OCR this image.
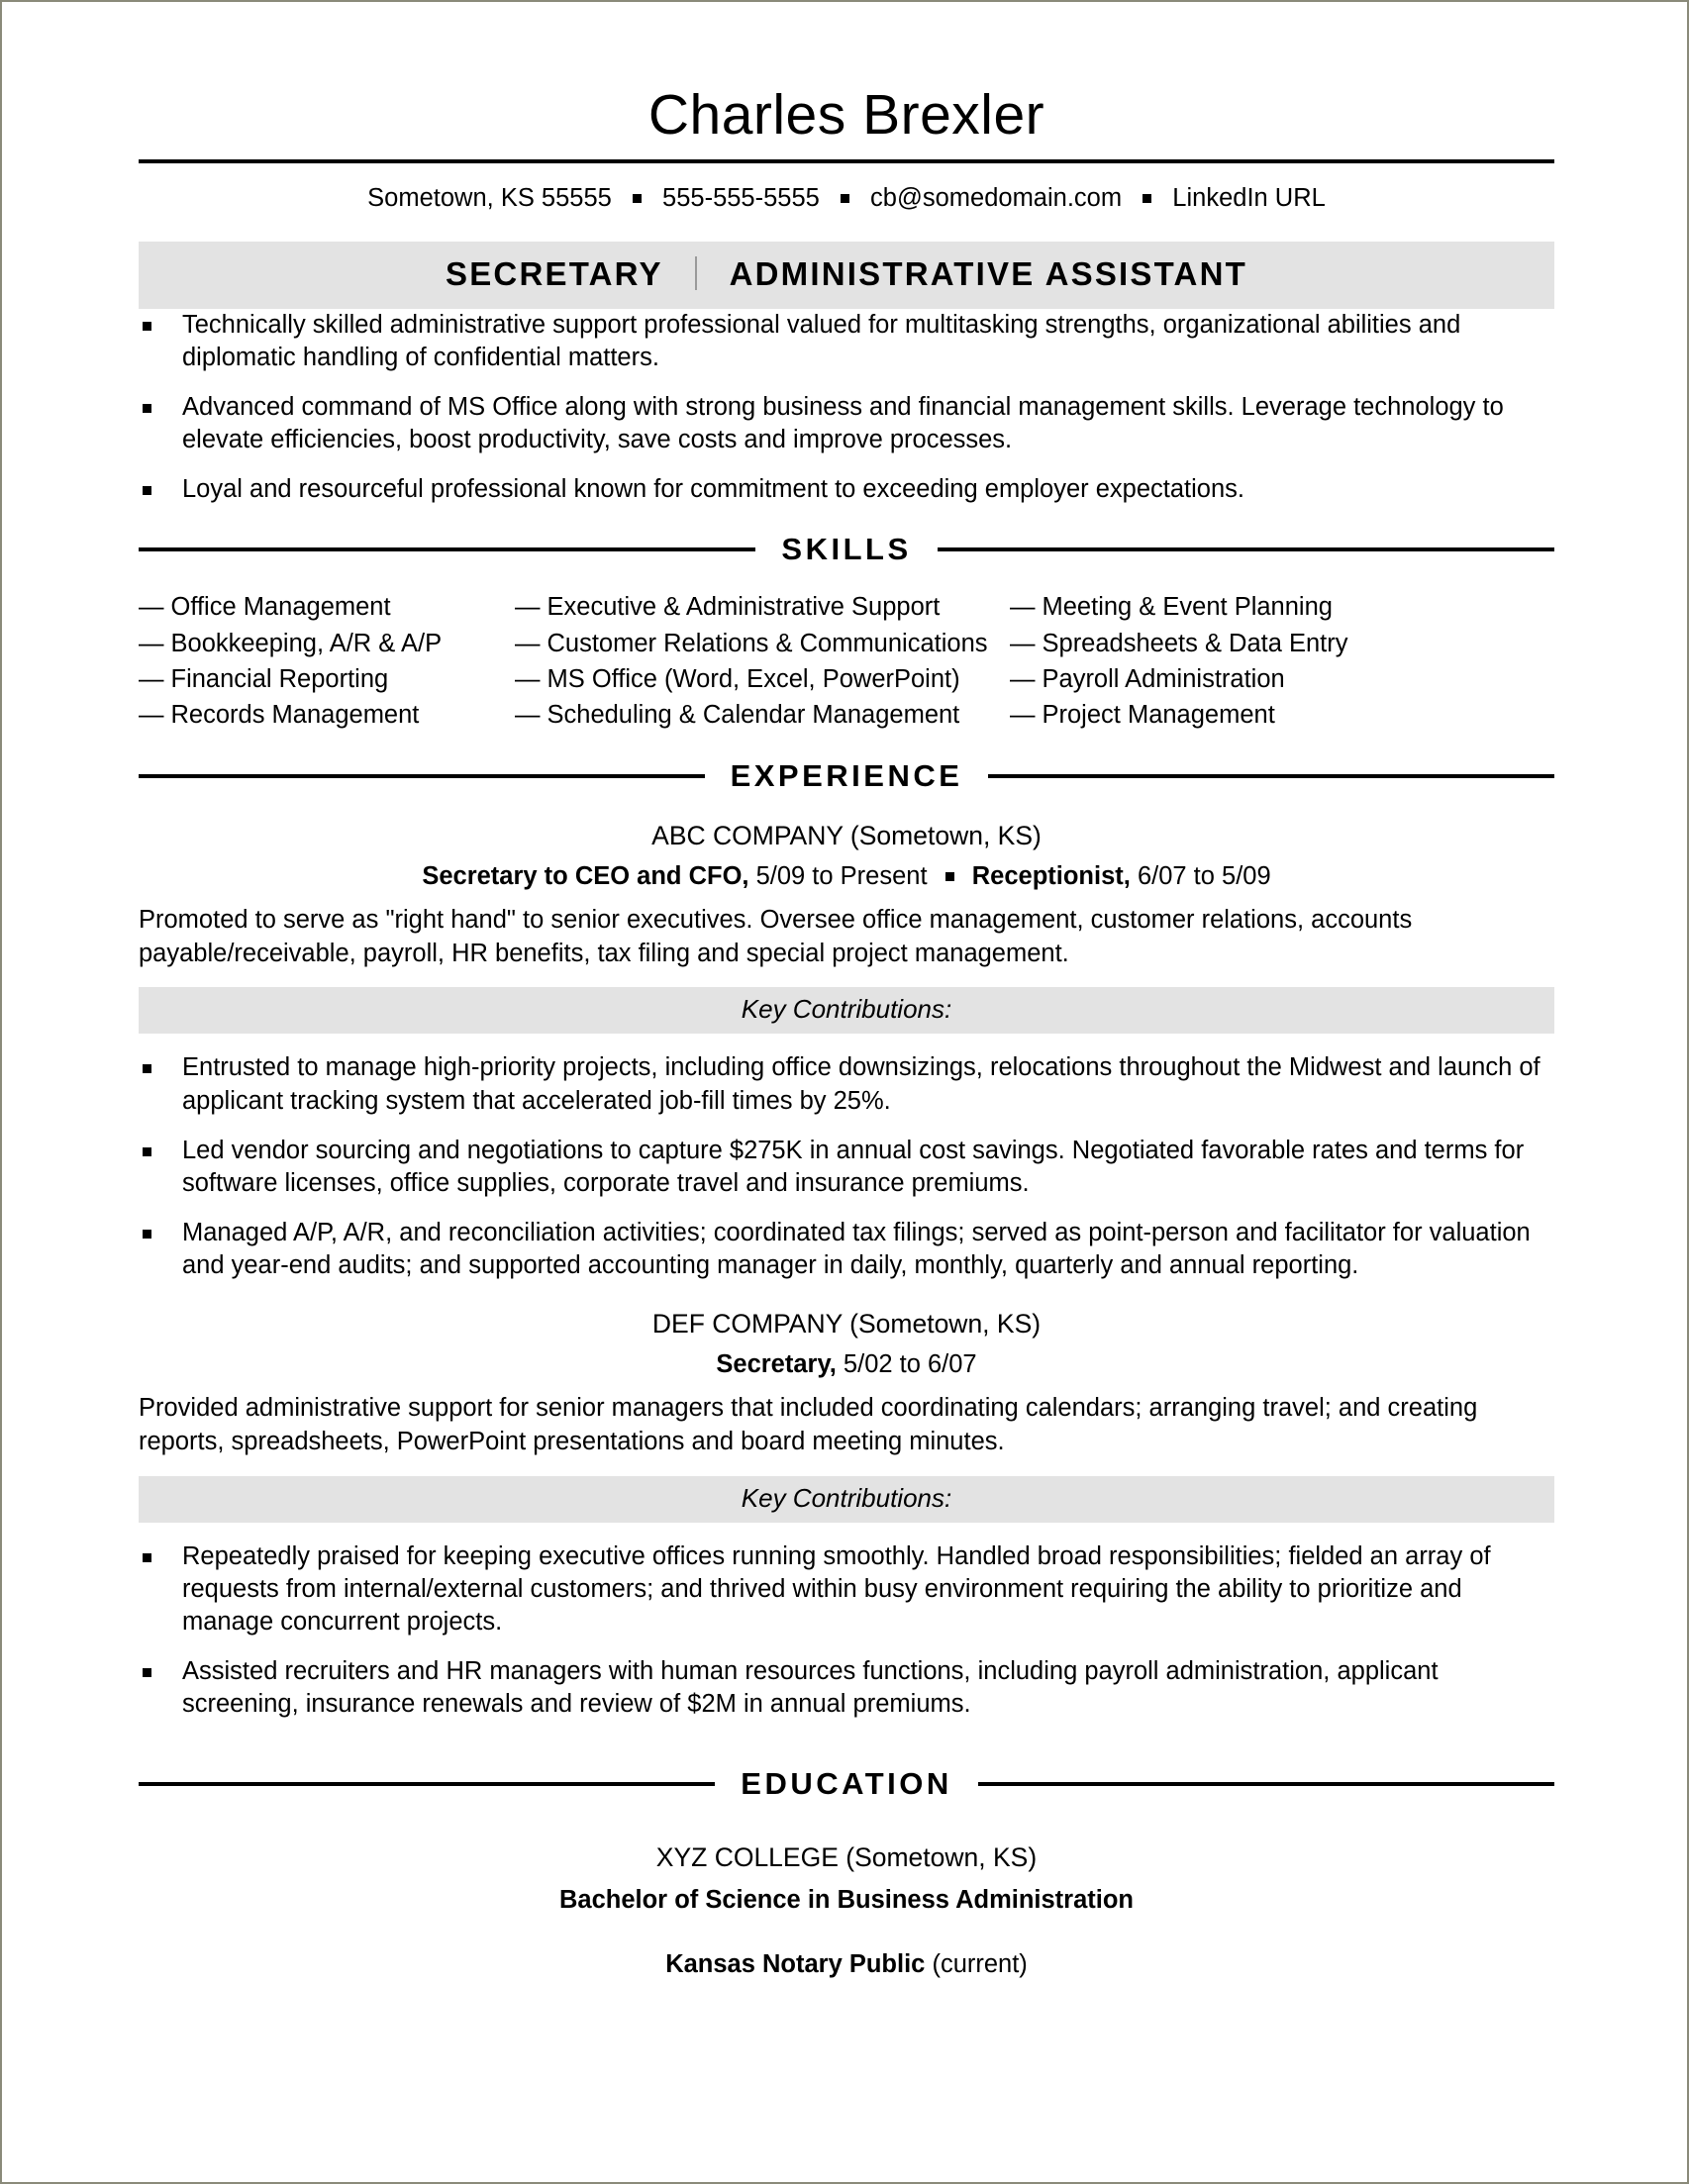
Charles Brexler
Sometown, KS 55555 555-555-5555 cb@somedomain.com LinkedIn URL
SECRETARY ADMINISTRATIVE ASSISTANT
Technically skilled administrative support professional valued for multitasking strengths, organizational abilities and diplomatic handling of confidential matters.
Advanced command of MS Office along with strong business and financial management skills. Leverage technology to elevate efficiencies, boost productivity, save costs and improve processes.
Loyal and resourceful professional known for commitment to exceeding employer expectations.
SKILLS
— Office Management
— Bookkeeping, A/R & A/P
— Financial Reporting
— Records Management
— Executive & Administrative Support
— Customer Relations & Communications
— MS Office (Word, Excel, PowerPoint)
— Scheduling & Calendar Management
— Meeting & Event Planning
— Spreadsheets & Data Entry
— Payroll Administration
— Project Management
EXPERIENCE
ABC COMPANY (Sometown, KS)
Secretary to CEO and CFO, 5/09 to Present Receptionist, 6/07 to 5/09
Promoted to serve as "right hand" to senior executives. Oversee office management, customer relations, accounts payable/receivable, payroll, HR benefits, tax filing and special project management.
Key Contributions:
Entrusted to manage high-priority projects, including office downsizings, relocations throughout the Midwest and launch of applicant tracking system that accelerated job-fill times by 25%.
Led vendor sourcing and negotiations to capture $275K in annual cost savings. Negotiated favorable rates and terms for software licenses, office supplies, corporate travel and insurance premiums.
Managed A/P, A/R, and reconciliation activities; coordinated tax filings; served as point-person and facilitator for valuation and year-end audits; and supported accounting manager in daily, monthly, quarterly and annual reporting.
DEF COMPANY (Sometown, KS)
Secretary, 5/02 to 6/07
Provided administrative support for senior managers that included coordinating calendars; arranging travel; and creating reports, spreadsheets, PowerPoint presentations and board meeting minutes.
Key Contributions:
Repeatedly praised for keeping executive offices running smoothly. Handled broad responsibilities; fielded an array of requests from internal/external customers; and thrived within busy environment requiring the ability to prioritize and manage concurrent projects.
Assisted recruiters and HR managers with human resources functions, including payroll administration, applicant screening, insurance renewals and review of $2M in annual premiums.
EDUCATION
XYZ COLLEGE (Sometown, KS)
Bachelor of Science in Business Administration
Kansas Notary Public (current)
